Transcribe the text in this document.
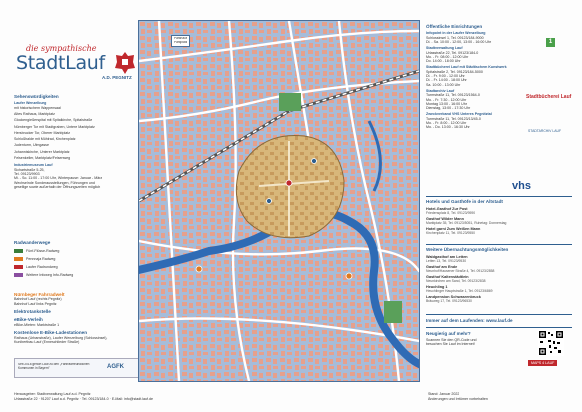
die sympathische
StadtLauf
A.D. PEGNITZ
Sehenswürdigkeiten
Laufer Wenzelburg
mit historischem Wappensaal
Altes Rathaus, Marktplatz
Glockengießerspital mit Spitalkirche, Spitalstraße
Nürnberger Tor mit Stadtgraben, Untere Marktplatz
Hersbrucker Tor, Oberer Marktplatz
Schloßhalde mit Mühlrad, Kirchenplatz
Judenturm, Ulmgasse
Johanniskirche, Unterer Marktplatz
Felsenkeller, Marktplatz/Felsenweg
Industriemuseum Lauf
Sichartstraße 5-25,
Tel. 09123/9903
Mi. - So. 11:00 - 17:00 Uhr, Winterpause: Januar - März
Wechselnde Sonderausstellungen, Führungen und
gesellige sowie außerhalb der Öffnungszeiten möglich
Radwanderwege
Fünf-Flüsse-Radweg
Pennnaja Radweg
Laufer Radrundweg
Weitere Infoweg Info-Radweg
Nürnbeger Fahrradwelt
Bahnhof Lauf (rechts Pegnitz)
Bahnhof Lauf links Pegnitz
Elektrotankstelle
eBike-Verleih
eBike-Mieten: Marktstraße 1
Kostenlose E-Bike-Ladestationen
Rathaus (Urbanstraße), Laufer Wenzelburg (Schlossinsel),
Kunibertbau Lauf (Enneschlieder Straße)
Seit 2018 gehört Lauf zu den „Fahrradfreundlichen Kommunen in Bayern"	AGFK
Herausgeber: Stadtverwaltung Lauf a.d. Pegnitz
Urlasstraße 22 · 91207 Lauf a.d. Pegnitz · Tel. 09123/184-0 · E-Mail: info@stadt.lauf.de
Stand: Januar 2022
Änderungen und Irrtümer vorbehalten
Parkhaus
Parkplatz	1
Öffentliche Einrichtungen
Infopoint in der Laufer Wenzelburg
Schlossinsel 1, Tel. 09123/184-9000
Di. - Sa. 10:00 - 12:00, 13:00 - 16:00 Uhr
Stadtverwaltung Lauf
Urlasstraße 22, Tel. 09123/184-0
Mo. - Fr. 08:00 - 12:00 Uhr
Do. 14:00 - 18:00 Uhr
Stadtbücherei Lauf mit Städtischem Kunstwerk
Spitalstraße 2, Tel. 09123/184-5000
Di. - Fr. 9:00 - 12:00 Uhr
Di. - Fr. 14:00 - 18:00 Uhr
Sa. 10:00 - 13:00 Uhr
Stadtarchiv Lauf
Turmstraße 11, Tel. 09123/1564-0
Mo. - Fr. 7:30 - 12:00 Uhr
Montag 13:00 - 16:00 Uhr
Dienstag, 13:00 - 17:30 Uhr
Zweckverband VHS Unteres Pegnitztal
Turmstraße 11, Tel. 09123/13/45-0
Mo. - Fr. 8:00 - 12:00 Uhr
Mo. - Do. 13:00 - 16:30 Uhr
Stadtbücherei Lauf
STADTARCHIV LAUF
vhs
Hotels und Gasthöfe in der Altstadt
Hotel-Gasthof Zur Post
Friedensplatz 8, Tel. 09123/9590
Gasthof Wilder Mann
Marktplatz 35, Tel. 09123/5051, Ruhetag: Donnerstag
Hotel garni Zum Weißen Mann
Kirchenplatz 11, Tel. 09123/9550
Weitere Übernachtungsmöglichkeiten
Waldgasthof am Letten
Letten 13, Tel. 09123/9530
Gasthof am Ende
Neunhof/Hausener Straße 4, Tel. 09123/2858
Gasthof Kaltenstädtlein
Neunkirchen am Sand, Tel. 09123/2838
Heuchling 1
Heuchlinger Hauptstraße 1, Tel. 09123/6869
Landpension Schwarzenbruck
Bräuweg 17, Tel. 09123/96530
Immer auf dem Laufenden: www.lauf.de
Neugierig auf mehr?
Scannen Sie den QR-Code und
besuchen Sie Lauf im Internet!
MAPS 4 LAUF
